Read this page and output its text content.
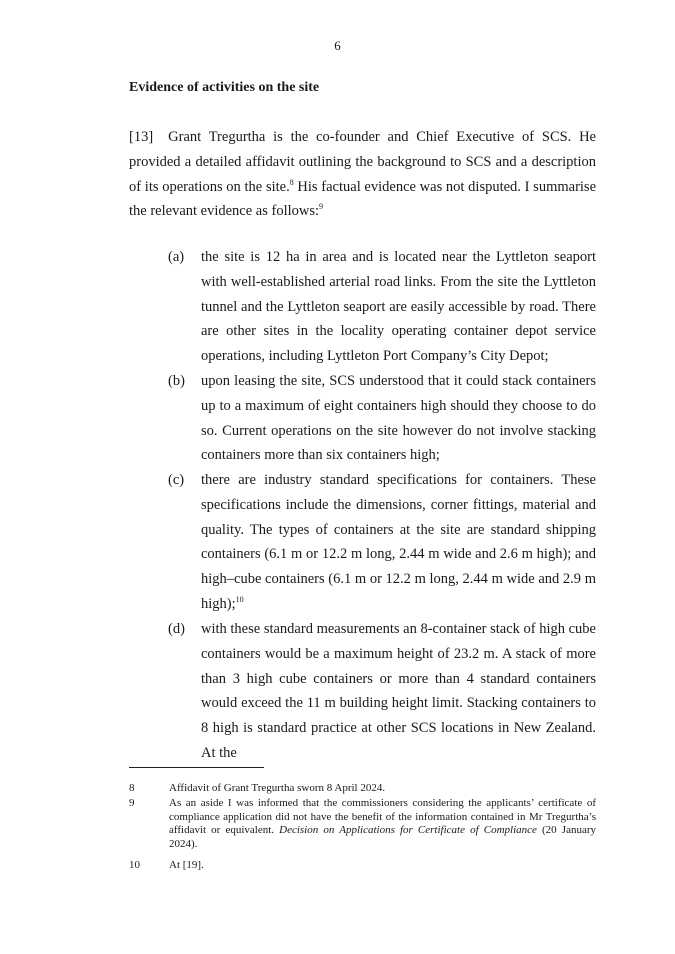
6
Evidence of activities on the site
[13] Grant Tregurtha is the co-founder and Chief Executive of SCS. He provided a detailed affidavit outlining the background to SCS and a description of its operations on the site.$^8$ His factual evidence was not disputed. I summarise the relevant evidence as follows:$^9$
(a) the site is 12 ha in area and is located near the Lyttleton seaport with well-established arterial road links. From the site the Lyttleton tunnel and the Lyttleton seaport are easily accessible by road. There are other sites in the locality operating container depot service operations, including Lyttleton Port Company’s City Depot;
(b) upon leasing the site, SCS understood that it could stack containers up to a maximum of eight containers high should they choose to do so. Current operations on the site however do not involve stacking containers more than six containers high;
(c) there are industry standard specifications for containers. These specifications include the dimensions, corner fittings, material and quality. The types of containers at the site are standard shipping containers (6.1 m or 12.2 m long, 2.44 m wide and 2.6 m high); and high–cube containers (6.1 m or 12.2 m long, 2.44 m wide and 2.9 m high);$^{10}$
(d) with these standard measurements an 8-container stack of high cube containers would be a maximum height of 23.2 m. A stack of more than 3 high cube containers or more than 4 standard containers would exceed the 11 m building height limit. Stacking containers to 8 high is standard practice at other SCS locations in New Zealand. At the
8	Affidavit of Grant Tregurtha sworn 8 April 2024.
9	As an aside I was informed that the commissioners considering the applicants’ certificate of compliance application did not have the benefit of the information contained in Mr Tregurtha’s affidavit or equivalent. Decision on Applications for Certificate of Compliance (20 January 2024).
10	At [19].
